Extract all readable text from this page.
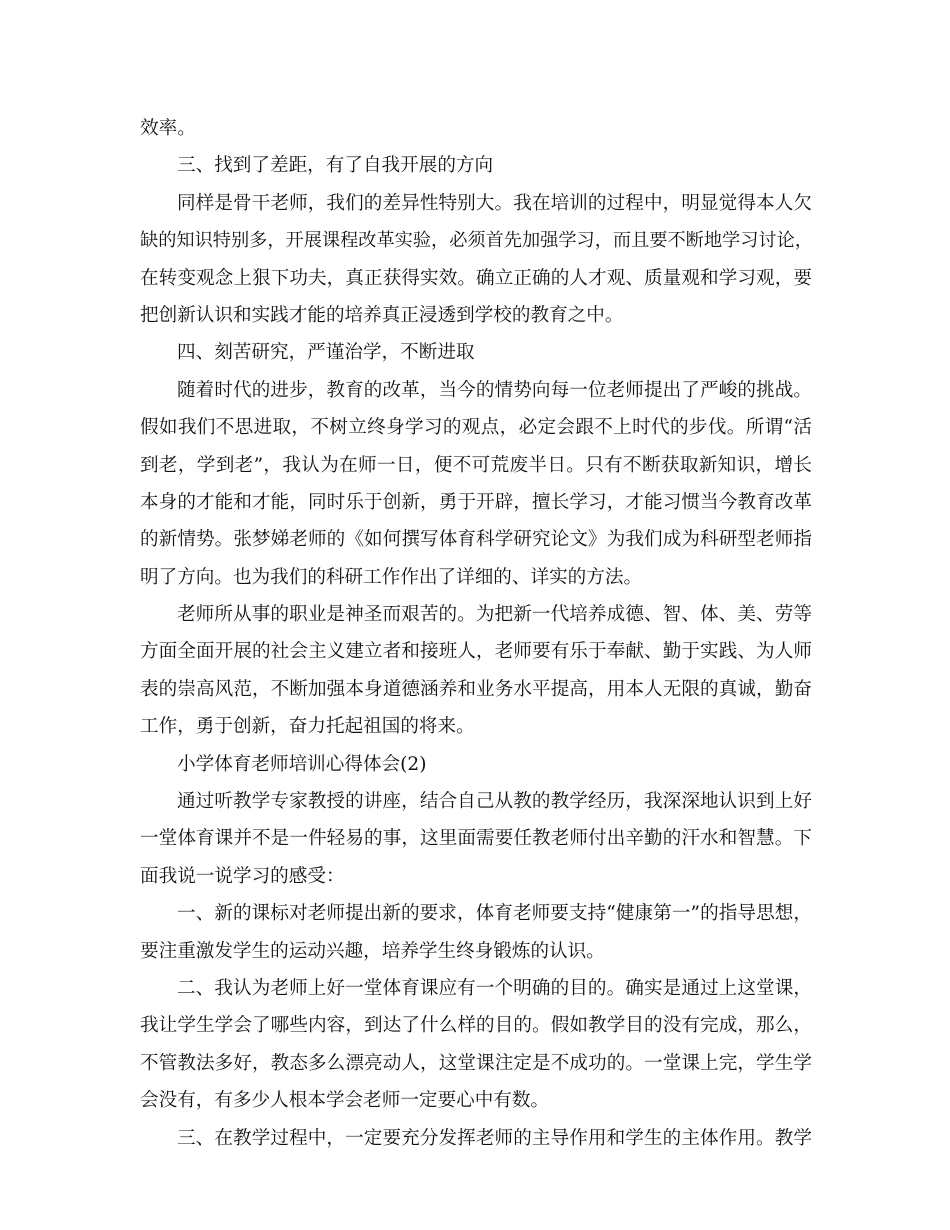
效率。
三、找到了差距，有了自我开展的方向
同样是骨干老师，我们的差异性特别大。我在培训的过程中，明显觉得本人欠
缺的知识特别多，开展课程改革实验，必须首先加强学习，而且要不断地学习讨论，
在转变观念上狠下功夫，真正获得实效。确立正确的人才观、质量观和学习观，要
把创新认识和实践才能的培养真正浸透到学校的教育之中。
四、刻苦研究，严谨治学，不断进取
随着时代的进步，教育的改革，当今的情势向每一位老师提出了严峻的挑战。
假如我们不思进取，不树立终身学习的观点，必定会跟不上时代的步伐。所谓“活
到老，学到老”，我认为在师一日，便不可荒废半日。只有不断获取新知识，增长
本身的才能和才能，同时乐于创新，勇于开辟，擅长学习，才能习惯当今教育改革
的新情势。张梦娣老师的《如何撰写体育科学研究论文》为我们成为科研型老师指
明了方向。也为我们的科研工作作出了详细的、详实的方法。
老师所从事的职业是神圣而艰苦的。为把新一代培养成德、智、体、美、劳等
方面全面开展的社会主义建立者和接班人，老师要有乐于奉献、勤于实践、为人师
表的崇高风范，不断加强本身道德涵养和业务水平提高，用本人无限的真诚，勤奋
工作，勇于创新，奋力托起祖国的将来。
小学体育老师培训心得体会(2)
通过听教学专家教授的讲座，结合自己从教的教学经历，我深深地认识到上好
一堂体育课并不是一件轻易的事，这里面需要任教老师付出辛勤的汗水和智慧。下
面我说一说学习的感受：
一、新的课标对老师提出新的要求，体育老师要支持“健康第一”的指导思想，
要注重激发学生的运动兴趣，培养学生终身锻炼的认识。
二、我认为老师上好一堂体育课应有一个明确的目的。确实是通过上这堂课，
我让学生学会了哪些内容，到达了什么样的目的。假如教学目的没有完成，那么，
不管教法多好，教态多么漂亮动人，这堂课注定是不成功的。一堂课上完，学生学
会没有，有多少人根本学会老师一定要心中有数。
三、在教学过程中，一定要充分发挥老师的主导作用和学生的主体作用。教学
